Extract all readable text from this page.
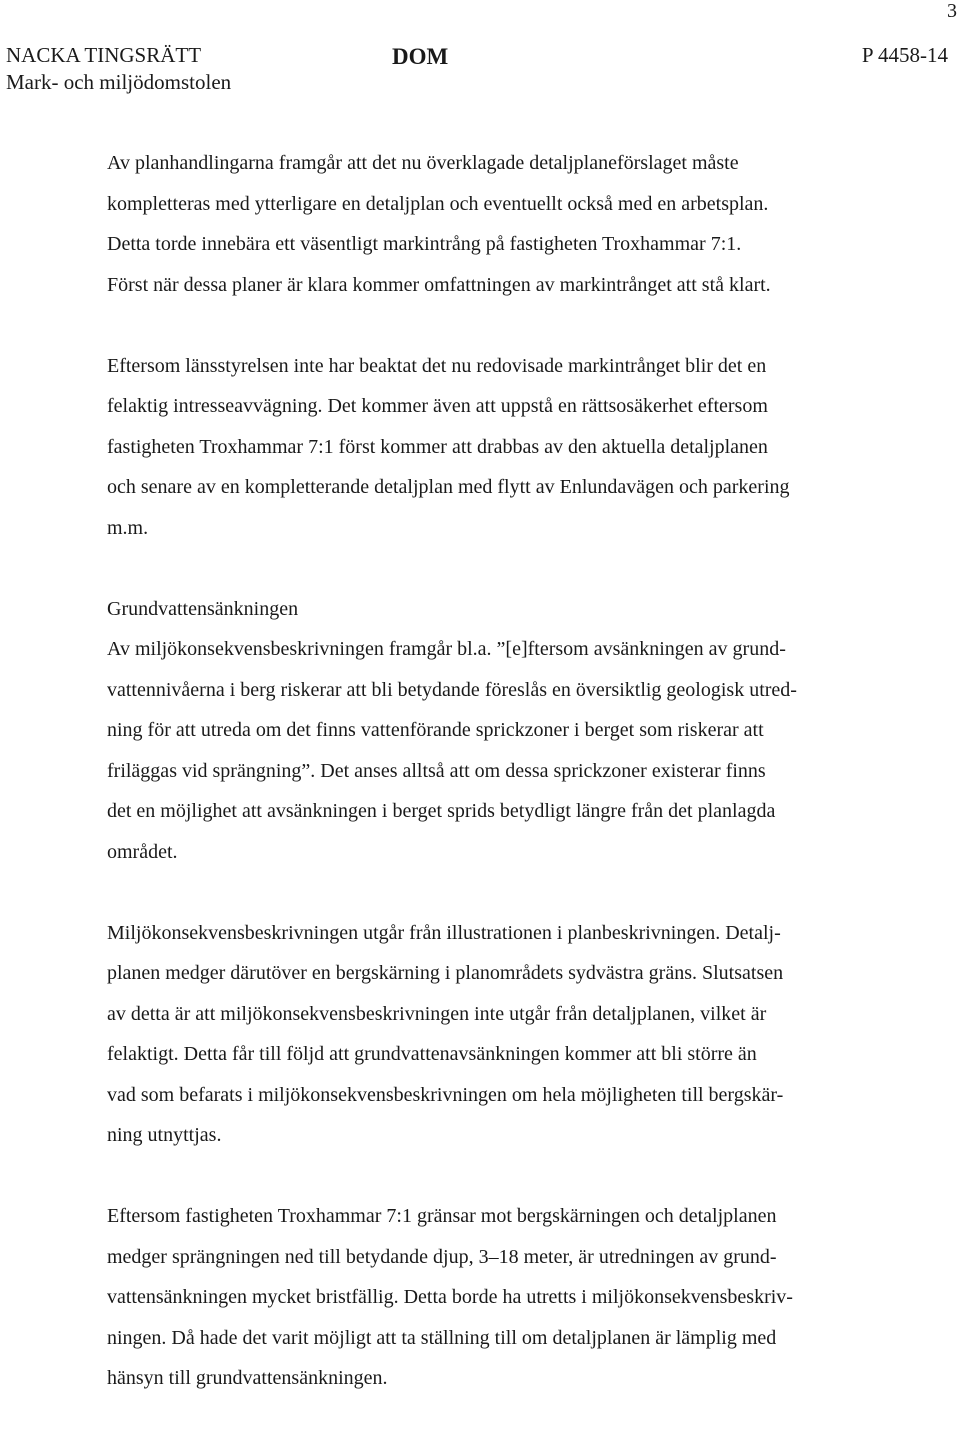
3
NACKA TINGSRÄTT
Mark- och miljödomstolen
DOM	P 4458-14

Av planhandlingarna framgår att det nu överklagade detaljplaneförslaget måste
kompletteras med ytterligare en detaljplan och eventuellt också med en arbetsplan.
Detta torde innebära ett väsentligt markintrång på fastigheten Troxhammar 7:1.
Först när dessa planer är klara kommer omfattningen av markintrånget att stå klart.

Eftersom länsstyrelsen inte har beaktat det nu redovisade markintrånget blir det en
felaktig intresseavvägning. Det kommer även att uppstå en rättsosäkerhet eftersom
fastigheten Troxhammar 7:1 först kommer att drabbas av den aktuella detaljplanen
och senare av en kompletterande detaljplan med flytt av Enlundavägen och parkering
m.m.

Grundvattensänkningen
Av miljökonsekvensbeskrivningen framgår bl.a. ”[e]ftersom avsänkningen av grund-
vattennivåerna i berg riskerar att bli betydande föreslås en översiktlig geologisk utred-
ning för att utreda om det finns vattenförande sprickzoner i berget som riskerar att
friläggas vid sprängning”. Det anses alltså att om dessa sprickzoner existerar finns
det en möjlighet att avsänkningen i berget sprids betydligt längre från det planlagda
området.

Miljökonsekvensbeskrivningen utgår från illustrationen i planbeskrivningen. Detalj-
planen medger därutöver en bergskärning i planområdets sydvästra gräns. Slutsatsen
av detta är att miljökonsekvensbeskrivningen inte utgår från detaljplanen, vilket är
felaktigt. Detta får till följd att grundvattenavsänkningen kommer att bli större än
vad som befarats i miljökonsekvensbeskrivningen om hela möjligheten till bergskär-
ning utnyttjas.

Eftersom fastigheten Troxhammar 7:1 gränsar mot bergskärningen och detaljplanen
medger sprängningen ned till betydande djup, 3–18 meter, är utredningen av grund-
vattensänkningen mycket bristfällig. Detta borde ha utretts i miljökonsekvensbeskriv-
ningen. Då hade det varit möjligt att ta ställning till om detaljplanen är lämplig med
hänsyn till grundvattensänkningen.
